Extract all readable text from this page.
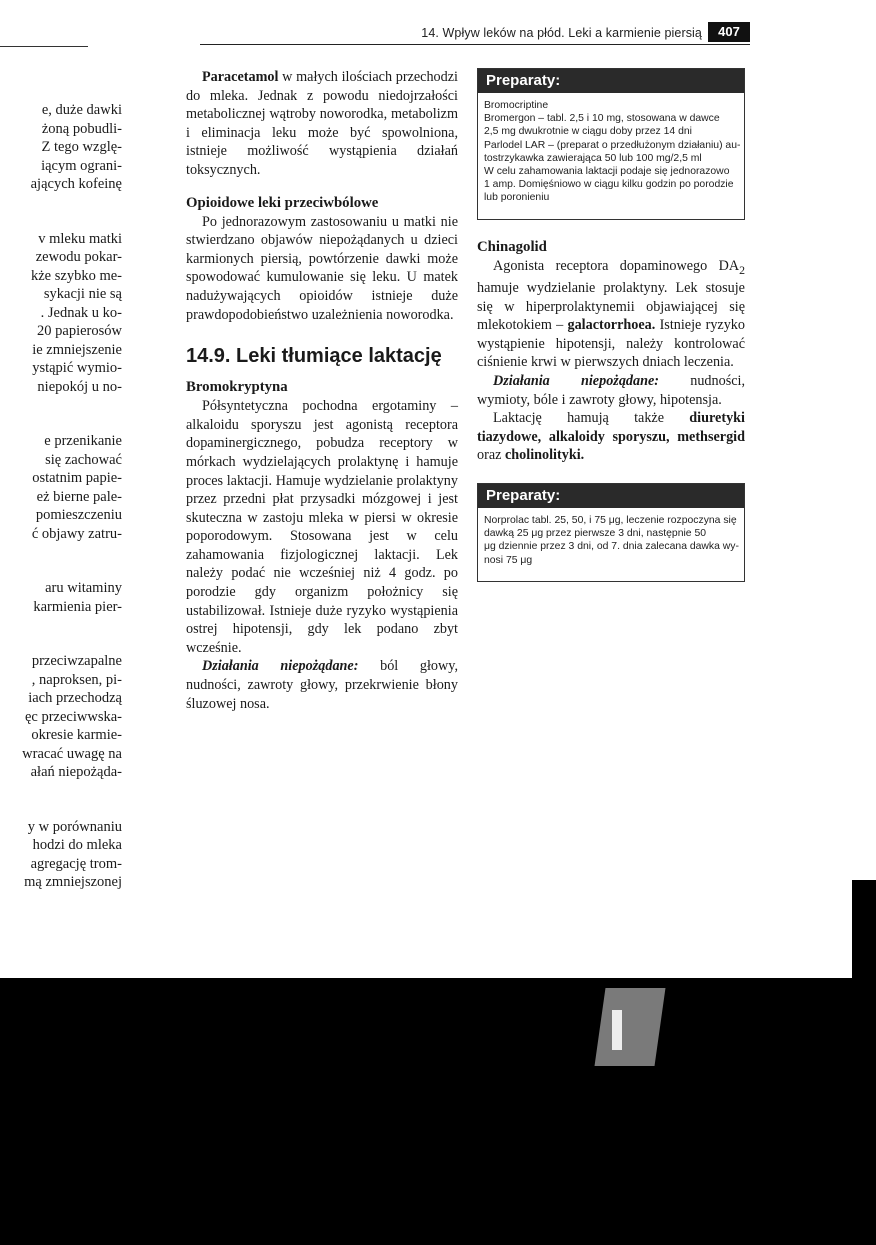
14. Wpływ leków na płód. Leki a karmienie piersią	407
e, duże dawki
żoną pobudli-
Z tego wzglę-
iącym ograni-
ających kofeinę
v mleku matki
zewodu pokar-
kże szybko me-
sykacji nie są
. Jednak u ko-
20 papierosów
ie zmniejszenie
ystąpić wymio-
niepokój u no-
e przenikanie
się zachować
ostatnim papie-
eż bierne pale-
pomieszczeniu
ć objawy zatru-
aru witaminy
karmienia pier-
przeciwzapalne
, naproksen, pi-
iach przechodzą
ęc przeciwwska-
okresie karmie-
wracać uwagę na
ałań niepożąda-
y w porównaniu
hodzi do mleka
agregację trom-
mą zmniejszonej

Paracetamol w małych ilościach przechodzi do mleka. Jednak z powodu niedojrzałości metabolicznej wątroby noworodka, metabolizm i eliminacja leku może być spowolniona, istnieje możliwość wystąpienia działań toksycznych.

Opioidowe leki przeciwbólowe

Po jednorazowym zastosowaniu u matki nie stwierdzano objawów niepożądanych u dzieci karmionych piersią, powtórzenie dawki może spowodować kumulowanie się leku. U matek nadużywających opioidów istnieje duże prawdopodobieństwo uzależnienia noworodka.

14.9. Leki tłumiące laktację
Bromokryptyna

Półsyntetyczna pochodna ergotaminy – alkaloidu sporyszu jest agonistą receptora dopaminergicznego, pobudza receptory w mórkach wydzielających prolaktynę i hamuje proces laktacji. Hamuje wydzielanie prolaktyny przez przedni płat przysadki mózgowej i jest skuteczna w zastoju mleka w piersi w okresie poporodowym. Stosowana jest w celu zahamowania fizjologicznej laktacji. Lek należy podać nie wcześniej niż 4 godz. po porodzie gdy organizm położnicy się ustabilizował. Istnieje duże ryzyko wystąpienia ostrej hipotensji, gdy lek podano zbyt wcześnie.

Działania niepożądane: ból głowy, nudności, zawroty głowy, przekrwienie błony śluzowej nosa.

Preparaty:
Bromocriptine
Bromergon – tabl. 2,5 i 10 mg, stosowana w dawce
2,5 mg dwukrotnie w ciągu doby przez 14 dni
Parlodel LAR – (preparat o przedłużonym działaniu) au-
tostrzykawka zawierająca 50 lub 100 mg/2,5 ml
W celu zahamowania laktacji podaje się jednorazowo
1 amp. Domięśniowo w ciągu kilku godzin po porodzie
lub poronieniu
Chinagolid

Agonista receptora dopaminowego $DA_2$ hamuje wydzielanie prolaktyny. Lek stosuje się w hiperprolaktynemii objawiającej się mlekotokiem – galactorrhoea. Istnieje ryzyko wystąpienie hipotensji, należy kontrolować ciśnienie krwi w pierwszych dniach leczenia.

Działania niepożądane: nudności, wymioty, bóle i zawroty głowy, hipotensja.

Laktację hamują także diuretyki tiazydowe, alkaloidy sporyszu, methsergid oraz cholinolityki.

Preparaty:
Norprolac tabl. 25, 50, i 75 μg, leczenie rozpoczyna się
dawką 25 μg przez pierwsze 3 dni, następnie 50
μg dziennie przez 3 dni, od 7. dnia zalecana dawka wy-
nosi 75 μg
